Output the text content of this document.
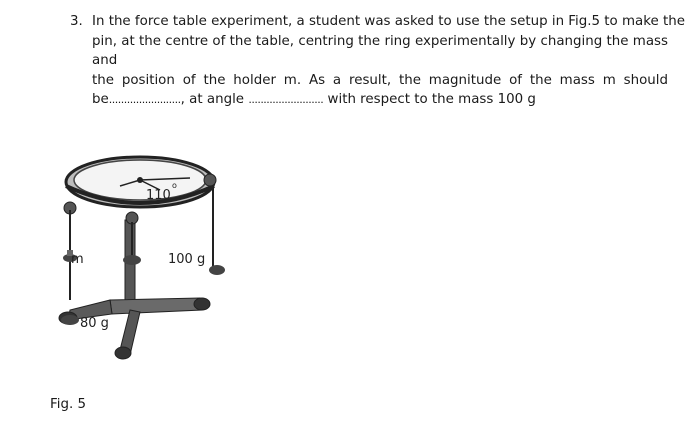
3. In the force table experiment, a student was asked to use the setup in Fig.5 to make the
pin, at the centre of the table, centring the ring experimentally by changing the mass and
the position of the holder m. As a result, the magnitude of the mass m should
be........................, at angle ......................... with respect to the mass 100 g
110
o
m	100 g
80 g
Fig. 5
